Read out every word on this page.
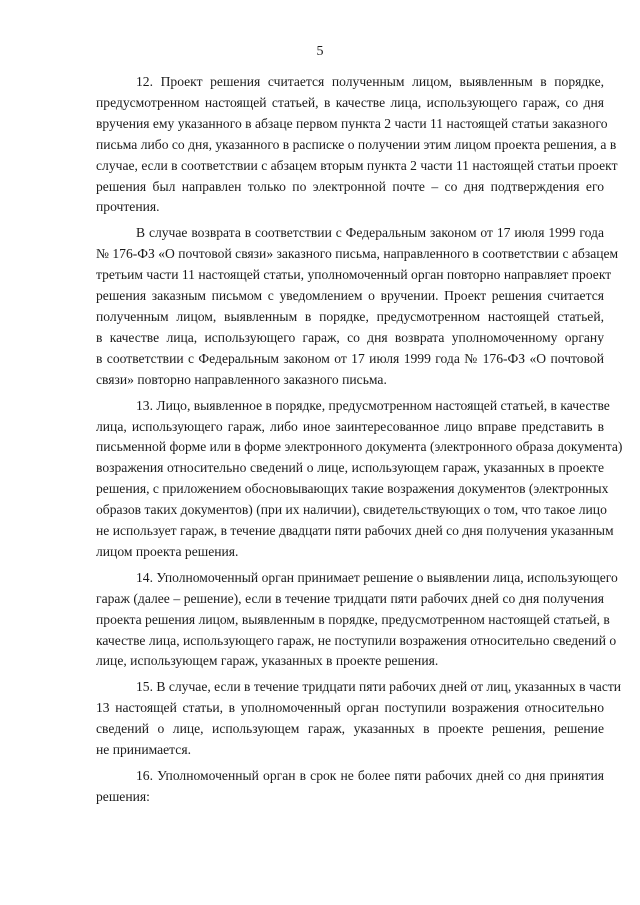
5
12. Проект решения считается полученным лицом, выявленным в порядке,
предусмотренном настоящей статьей, в качестве лица, использующего гараж, со дня
вручения ему указанного в абзаце первом пункта 2 части 11 настоящей статьи заказного
письма либо со дня, указанного в расписке о получении этим лицом проекта решения, а в
случае, если в соответствии с абзацем вторым пункта 2 части 11 настоящей статьи проект
решения был направлен только по электронной почте – со дня подтверждения его
прочтения.
В случае возврата в соответствии с Федеральным законом от 17 июля 1999 года
№ 176-ФЗ «О почтовой связи» заказного письма, направленного в соответствии с абзацем
третьим части 11 настоящей статьи, уполномоченный орган повторно направляет проект
решения заказным письмом с уведомлением о вручении. Проект решения считается
полученным лицом, выявленным в порядке, предусмотренном настоящей статьей,
в качестве лица, использующего гараж, со дня возврата уполномоченному органу
в соответствии с Федеральным законом от 17 июля 1999 года № 176-ФЗ «О почтовой
связи» повторно направленного заказного письма.
13. Лицо, выявленное в порядке, предусмотренном настоящей статьей, в качестве
лица, использующего гараж, либо иное заинтересованное лицо вправе представить в
письменной форме или в форме электронного документа (электронного образа документа)
возражения относительно сведений о лице, использующем гараж, указанных в проекте
решения, с приложением обосновывающих такие возражения документов (электронных
образов таких документов) (при их наличии), свидетельствующих о том, что такое лицо
не использует гараж, в течение двадцати пяти рабочих дней со дня получения указанным
лицом проекта решения.
14. Уполномоченный орган принимает решение о выявлении лица, использующего
гараж (далее – решение), если в течение тридцати пяти рабочих дней со дня получения
проекта решения лицом, выявленным в порядке, предусмотренном настоящей статьей, в
качестве лица, использующего гараж, не поступили возражения относительно сведений о
лице, использующем гараж, указанных в проекте решения.
15. В случае, если в течение тридцати пяти рабочих дней от лиц, указанных в части
13 настоящей статьи, в уполномоченный орган поступили возражения относительно
сведений о лице, использующем гараж, указанных в проекте решения, решение
не принимается.
16. Уполномоченный орган в срок не более пяти рабочих дней со дня принятия
решения:
